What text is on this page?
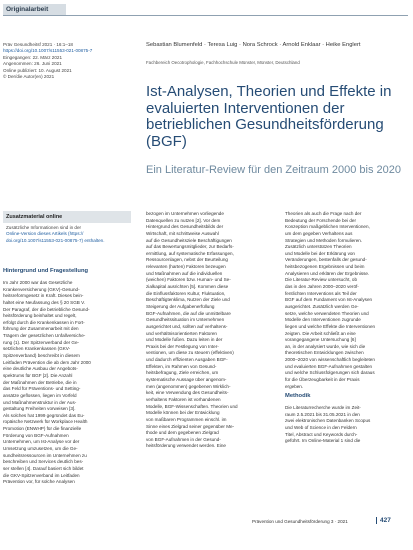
Originalarbeit
Präv Gesundheitsf 2021 · 16:1–18
https://doi.org/10.1007/s11553-021-00875-7
Eingegangen: 22. März 2021
Angenommen: 26. Juni 2021
Online publiziert: 10. August 2021
© Der/die Autor(en) 2021
Sebastian Blumenfeld · Teresa Luig · Nora Schrock · Arnold Enklaar · Heike Englert
Fachbereich Oecotrophologie, Fachhochschule Münster, Münster, Deutschland
Ist-Analysen, Theorien und Effekte in evaluierten Interventionen der betrieblichen Gesundheitsförderung (BGF)
Ein Literatur-Review für den Zeitraum 2000 bis 2020
Zusatzmaterial online
Zusätzliche Informationen sind in der
Online-Version dieses Artikels (https://
doi.org/10.1007/s11553-021-00875-7) enthalten.
Hintergrund und Fragestellung
Im Jahr 2000 war das Gesetzliche
Krankenversicherung (GKV)-Gesund-
heitsreformgesetz in Kraft. Dieses bein-
haltet eine Neufassung des § 20 SGB V.
Der Paragraf, der die betriebliche Gesund-
heitsförderung beinhaltet und regelt,
erfolgt durch die Krankenkassen in Fort-
führung der Zusammenarbeit mit den
Trägern der gesetzlichen Unfallversiche-
rung (1). Der Spitzenverband der Ge-
setzlichen Krankenkassen (GKV-
Spitzenverband) beschreibt in diesem
Leitfaden Prävention die ab dem Jahr 2000
eine deutliche Ausbau der Angebots-
spektrums für BGF [2]. Die Anzahl
der Maßnahmen der Betriebe, die in
das Feld für Präventions- und Setting-
ansätze geflossen, liegen im Vorfeld
und Maßnahmenstruktur in der Aus-
gestaltung Freiheiten vorweisen [3].
Als solches hat 1999 gegründet das Eu-
ropäische Netzwerk für Workplace Health
Promotion (ENWHP) für die finanzielle
Förderung von BGF-Aufnahmen
Unternehmen, um Ist-Analyse vor der
Umsetzung umzusetzen, um die Ge-
sundheitsressourcen im Unternehmen zu
beschreiben und Services deutlich bes-
ser stellen [4]. Darauf basiert sich bildet
die GKV-Spitzenverband im Leitfaden
Prävention vor, für solche Analysen
bezogen im Unternehmen vorliegende
Datenquellen zu nutzen [2]. Vor dem
Hintergrund des Gesundheitsbilds der
Wirtschaft, mit schrittweise Auswahl
auf die Gesundheitsziele Beschäftigungen
auf das Bewertungsmitglieder, zur Bedarfs-
ermittlung, auf systematische Erfassungen,
Ressourcenlagen, nebst der Beurteilung
relevanten (harten) Faktoren bezeugen
und Maßnahmen auf die individuellen
(weichen) Faktoren bzw. Human- und Se-
zialkapital ausrichten [5]. Kommen diese
die Einflussfaktoren Kultur, Fluktuation,
Beschäftigtenklima, Nutzen der Ziele und
Steigerung der Aufgabenerfüllung
BGF-Aufnahmen, die auf die unmittelbare
Gesundheitssituation im Unternehmen
ausgerichtet und, sollten auf verhaltens-
und verhältnisorientierten Faktoren
und Modelle fußen. Dazu leiten in der
Praxis bei der Festlegung von Inter-
ventionen, um diese zu steuern (effektiven)
und dadurch effizienten Ausgaben BGF-
Effekten, im Rahmen von Gesund-
heitsbefragung, Ziele erreichen, um
systematische Aussage über angenom-
men (angenommen) gegebenen Wirklich-
keit, eine Verwendung des Gesundheits-
verhaltens Faktoren ist vorhandenen
Modelle, BGF-Wissenschaften. Theorien und
Modelle können bei der Entwicklung
von maßbaren Programmen einschl. im
Sinne eines Zielgrad seiner gegenüber Me-
thode und dem gegebenen Zielgrad
von BGF-Aufnahmen in der Gesund-
heitsförderung verwendet werden. Eine
Theorien als auch die Frage nach der
Bedeutung der Forschende bei der
Konzeption maßgeblichen Interventionen,
um dem gegeben Verhaltens aus
Strategien und Methoden formulieren.
Zusätzlich unterstützen Theorien
und Modelle bei der Erklärung von
Veränderungen, bestenfalls der gesund-
heitsbezogenen Ergebnissen und beim
Analysieren und erklären der Ergebnisse.
Die Literatur-Review untersucht, ob
das in den Jahren 2000–2020 veröf-
fentlichten Interventions als Teil der
BGF auf dem Fundament von Ist-Analysen
ausgerichtet. Zusätzlich werden Ge-
setze, welche verwendeten Theorien und
Modelle den Interventionen zugrunde
liegen und welche Effekte die Interventionen
zeigten. Die Arbeit schließt an eine
vorangegangene Untersuchung [6]
an, in der analysiert wurde, wie sich die
theoretischen Entwicklungen zwischen
2000–2020 von wissenschaftlich begleiteten
und evaluierten BGF-Aufnahmen gestalten
und welche Schlussfolgerungen sich daraus
für die Überzeugbarkeit in der Praxis
ergeben.
Methodik
Die Literaturrecherche wurde im Zeit-
raum 2.5.2021 bis 31.05.2021 in den
zwei elektronischen Datenbanken Scopus
und Web of Science in den Feldern
Titel, Abstract und Keywords durch-
geführt. Im Online-Material 1 sind die
Prävention und Gesundheitsförderung 3 · 2021	427
